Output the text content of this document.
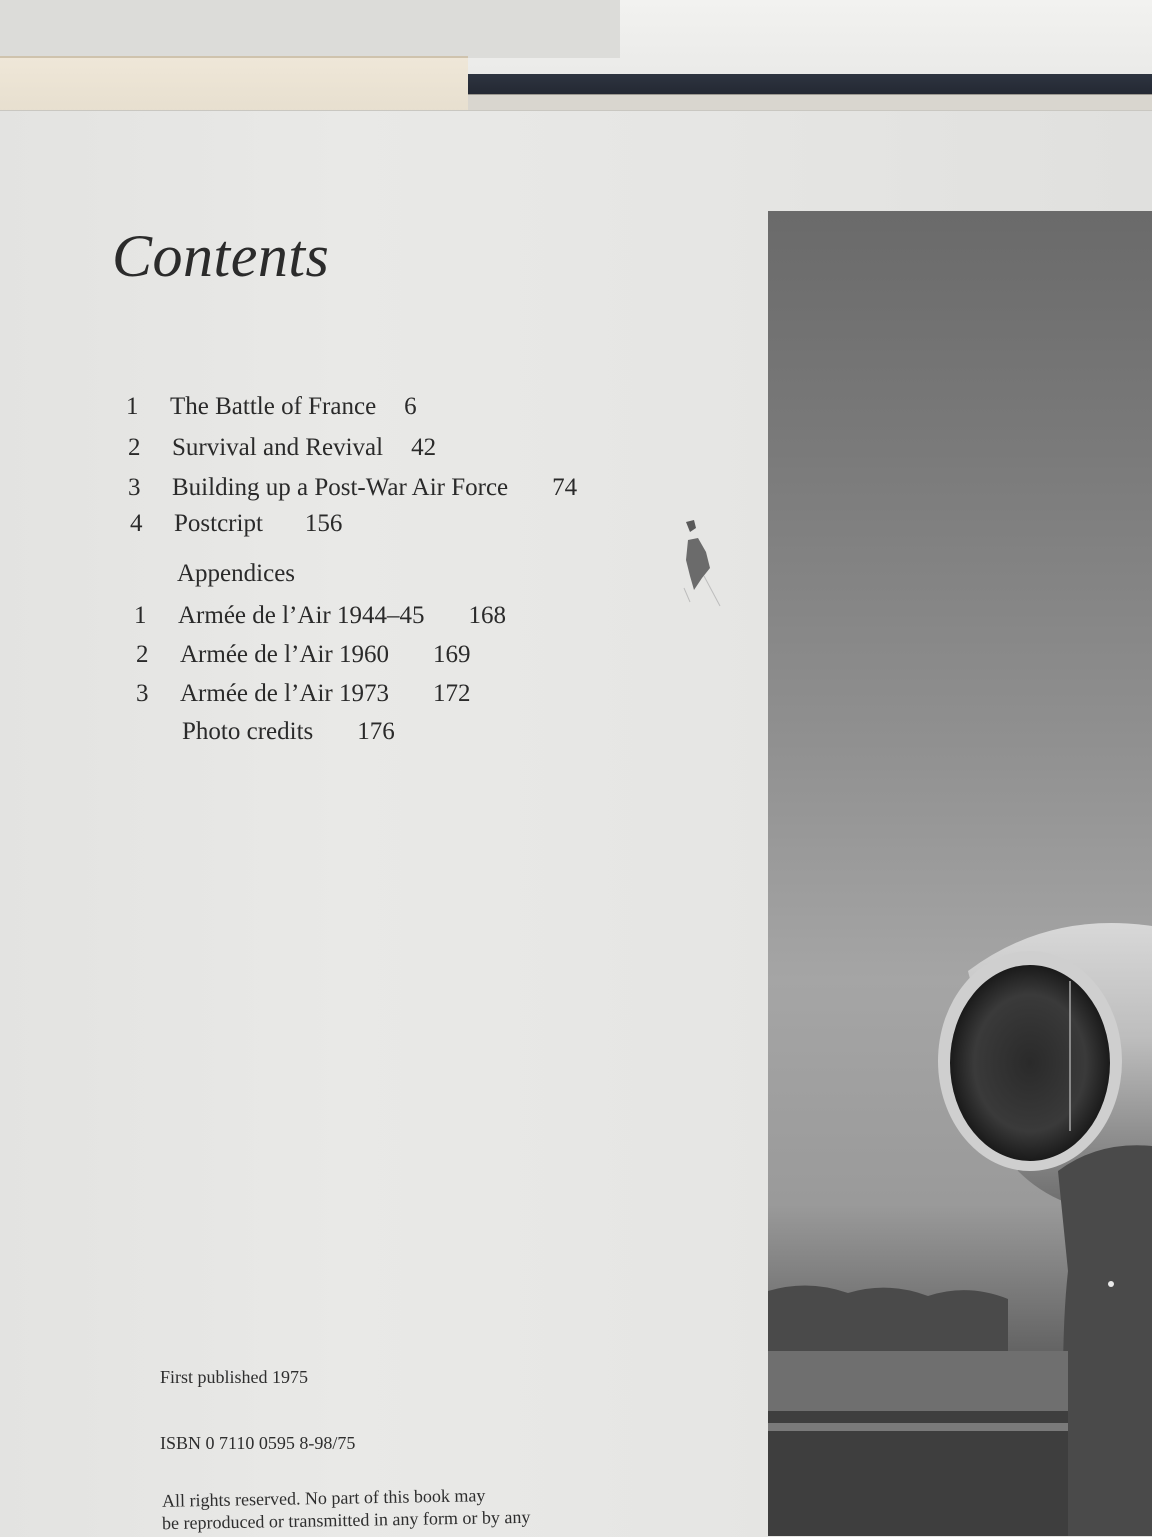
Contents
1 The Battle of France 6
2 Survival and Revival 42
3 Building up a Post-War Air Force 74
4 Postcript 156
Appendices
1 Armée de l’Air 1944–45 168
2 Armée de l’Air 1960 169
3 Armée de l’Air 1973 172
Photo credits 176
First published 1975
ISBN 0 7110 0595 8-98/75
All rights reserved. No part of this book may
be reproduced or transmitted in any form or by any
